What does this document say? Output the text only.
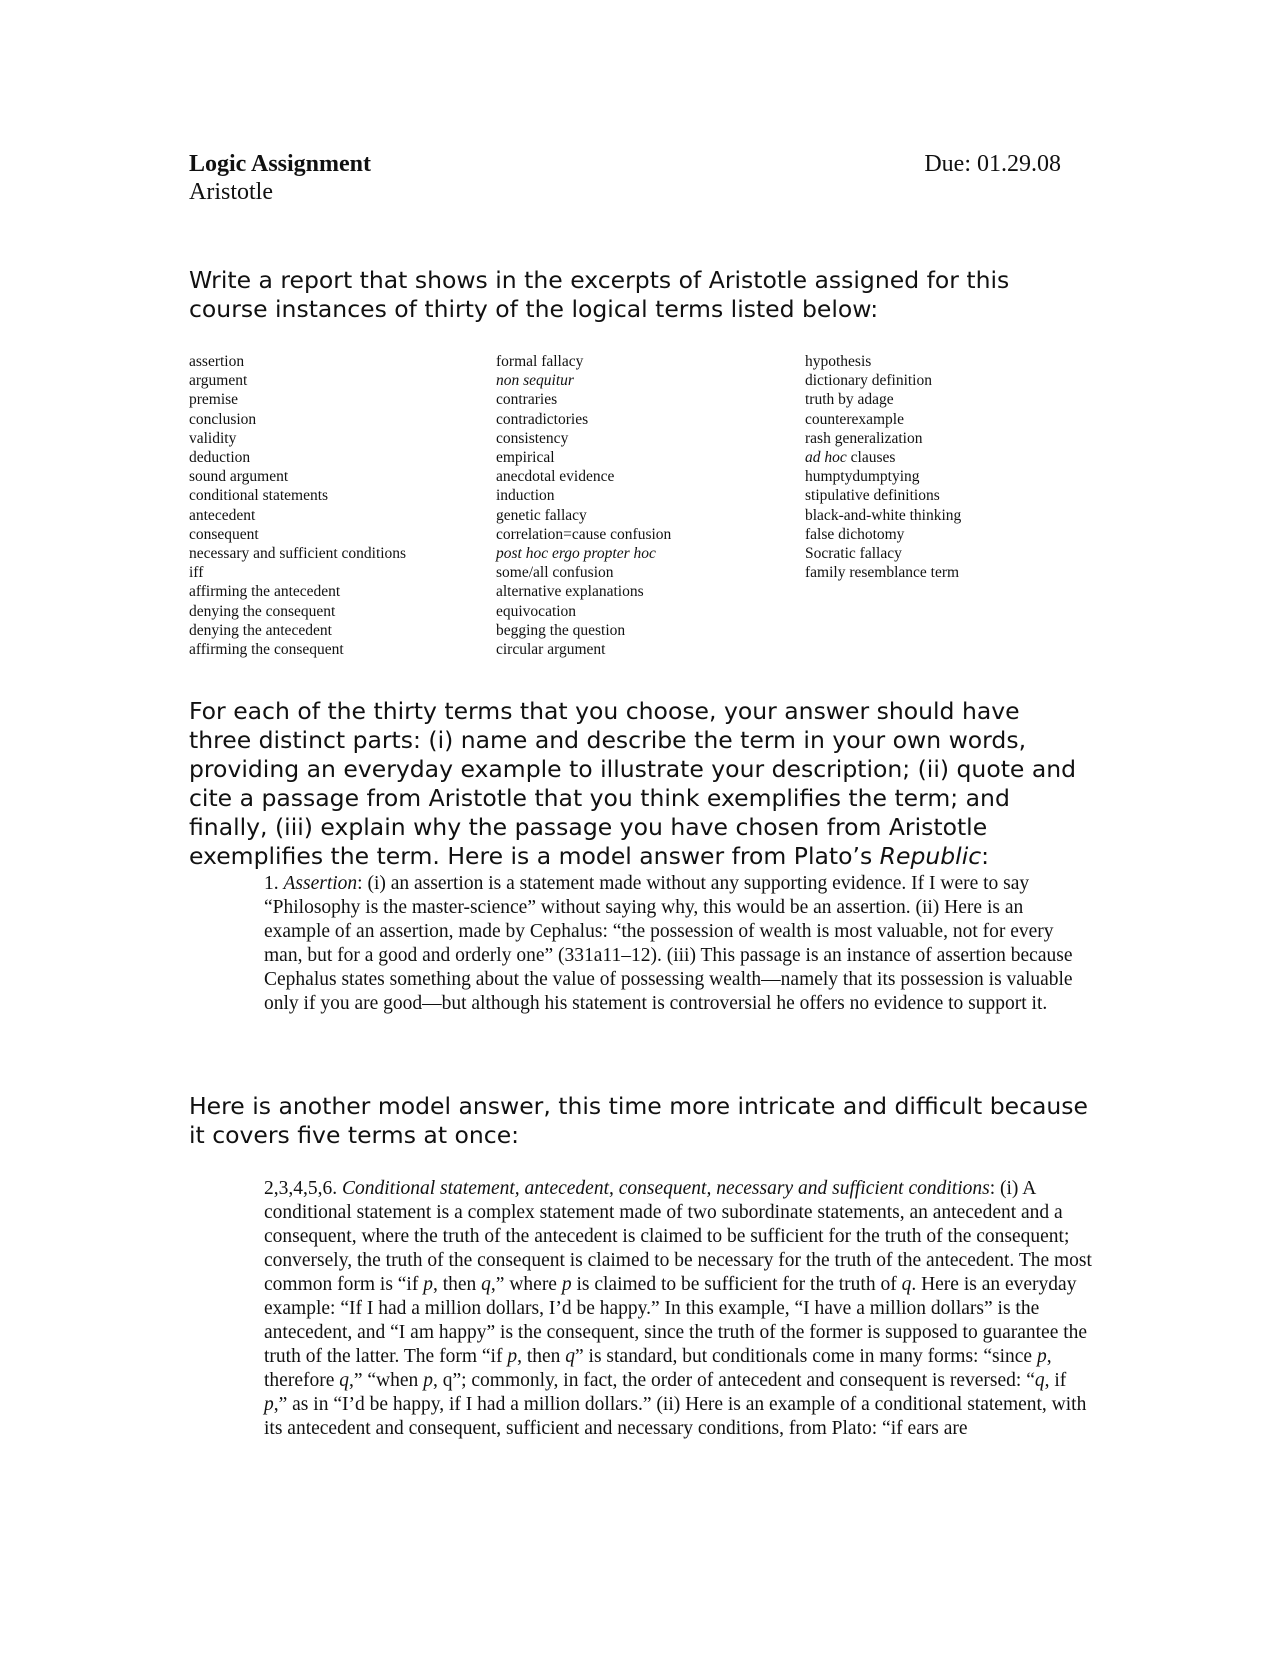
Logic Assignment
Aristotle
Due: 01.29.08

Write a report that shows in the excerpts of Aristotle assigned for this course instances of thirty of the logical terms listed below:

assertion
argument
premise
conclusion
validity
deduction
sound argument
conditional statements
antecedent
consequent
necessary and sufficient conditions
iff
affirming the antecedent
denying the consequent
denying the antecedent
affirming the consequent
formal fallacy
non sequitur
contraries
contradictories
consistency
empirical
anecdotal evidence
induction
genetic fallacy
correlation=cause confusion
post hoc ergo propter hoc
some/all confusion
alternative explanations
equivocation
begging the question
circular argument
hypothesis
dictionary definition
truth by adage
counterexample
rash generalization
ad hoc clauses
humptydumptying
stipulative definitions
black-and-white thinking
false dichotomy
Socratic fallacy
family resemblance term

For each of the thirty terms that you choose, your answer should have three distinct parts: (i) name and describe the term in your own words, providing an everyday example to illustrate your description; (ii) quote and cite a passage from Aristotle that you think exemplifies the term; and finally, (iii) explain why the passage you have chosen from Aristotle exemplifies the term. Here is a model answer from Plato’s Republic:

1. Assertion: (i) an assertion is a statement made without any supporting evidence. If I were to say “Philosophy is the master-science” without saying why, this would be an assertion. (ii) Here is an example of an assertion, made by Cephalus: “the possession of wealth is most valuable, not for every man, but for a good and orderly one” (331a11–12). (iii) This passage is an instance of assertion because Cephalus states something about the value of possessing wealth—namely that its possession is valuable only if you are good—but although his statement is controversial he offers no evidence to support it.

Here is another model answer, this time more intricate and difficult because it covers five terms at once:

2,3,4,5,6. Conditional statement, antecedent, consequent, necessary and sufficient conditions: (i) A conditional statement is a complex statement made of two subordinate statements, an antecedent and a consequent, where the truth of the antecedent is claimed to be sufficient for the truth of the consequent; conversely, the truth of the consequent is claimed to be necessary for the truth of the antecedent. The most common form is “if p, then q,” where p is claimed to be sufficient for the truth of q. Here is an everyday example: “If I had a million dollars, I’d be happy.” In this example, “I have a million dollars” is the antecedent, and “I am happy” is the consequent, since the truth of the former is supposed to guarantee the truth of the latter. The form “if p, then q” is standard, but conditionals come in many forms: “since p, therefore q,” “when p, q”; commonly, in fact, the order of antecedent and consequent is reversed: “q, if p,” as in “I’d be happy, if I had a million dollars.” (ii) Here is an example of a conditional statement, with its antecedent and consequent, sufficient and necessary conditions, from Plato: “if ears are
